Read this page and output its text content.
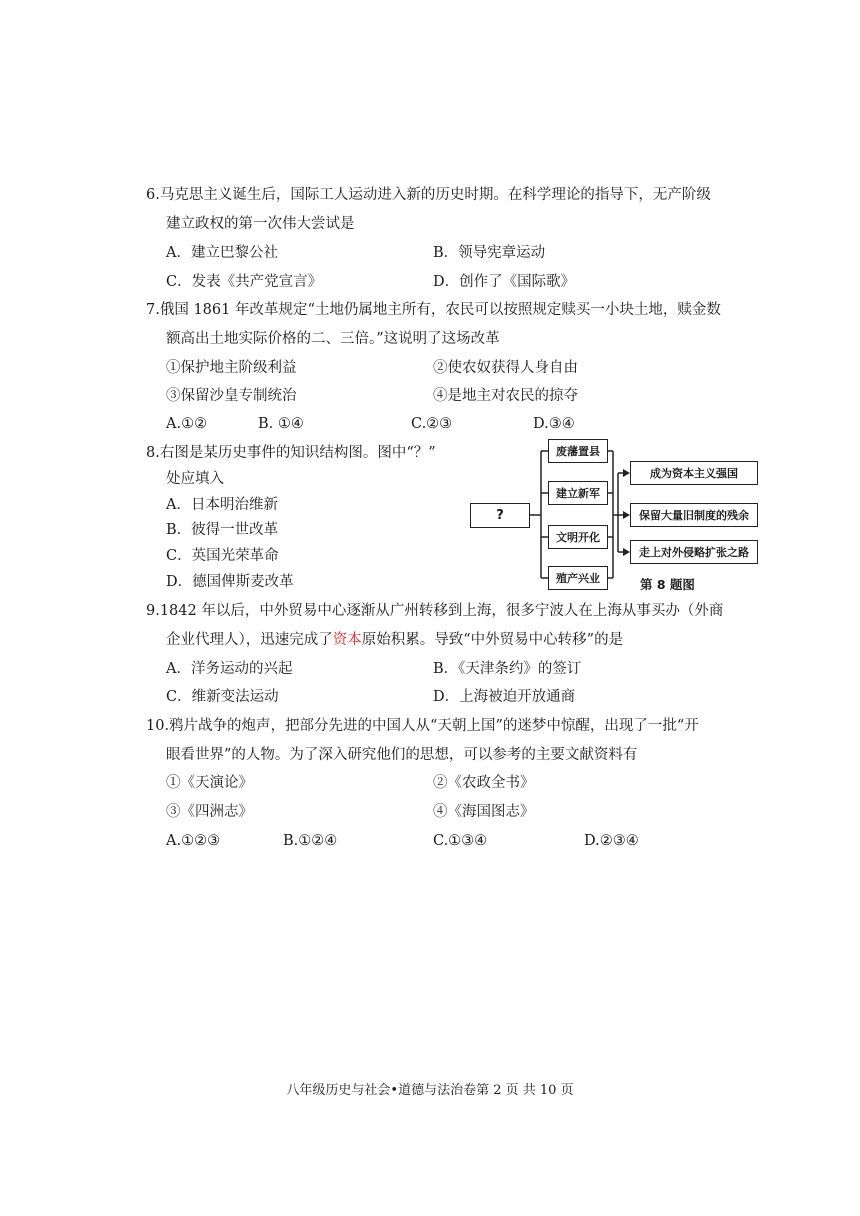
6.马克思主义诞生后，国际工人运动进入新的历史时期。在科学理论的指导下，无产阶级
建立政权的第一次伟大尝试是
A．建立巴黎公社	B．领导宪章运动
C．发表《共产党宣言》	D．创作了《国际歌》
7.俄国 1861 年改革规定“土地仍属地主所有，农民可以按照规定赎买一小块土地，赎金数
额高出土地实际价格的二、三倍。”这说明了这场改革
①保护地主阶级利益	②使农奴获得人身自由
③保留沙皇专制统治	④是地主对农民的掠夺
A.①②	B. ①④	C.②③	D.③④
8.右图是某历史事件的知识结构图。图中“？”
处应填入
A．日本明治维新
B．彼得一世改革
C．英国光荣革命
D．德国俾斯麦改革
?
废藩置县
建立新军
文明开化
殖产兴业
成为资本主义强国
保留大量旧制度的残余
走上对外侵略扩张之路
第 8 题图
9.1842 年以后，中外贸易中心逐渐从广州转移到上海，很多宁波人在上海从事买办（外商
企业代理人），迅速完成了资本原始积累。导致“中外贸易中心转移”的是
A．洋务运动的兴起	B．《天津条约》的签订
C．维新变法运动	D．上海被迫开放通商
10.鸦片战争的炮声，把部分先进的中国人从“天朝上国”的迷梦中惊醒，出现了一批“开
眼看世界”的人物。为了深入研究他们的思想，可以参考的主要文献资料有
①《天演论》	②《农政全书》
③《四洲志》	④《海国图志》
A.①②③	B.①②④	C.①③④	D.②③④
八年级历史与社会•道德与法治卷第 2 页 共 10 页
